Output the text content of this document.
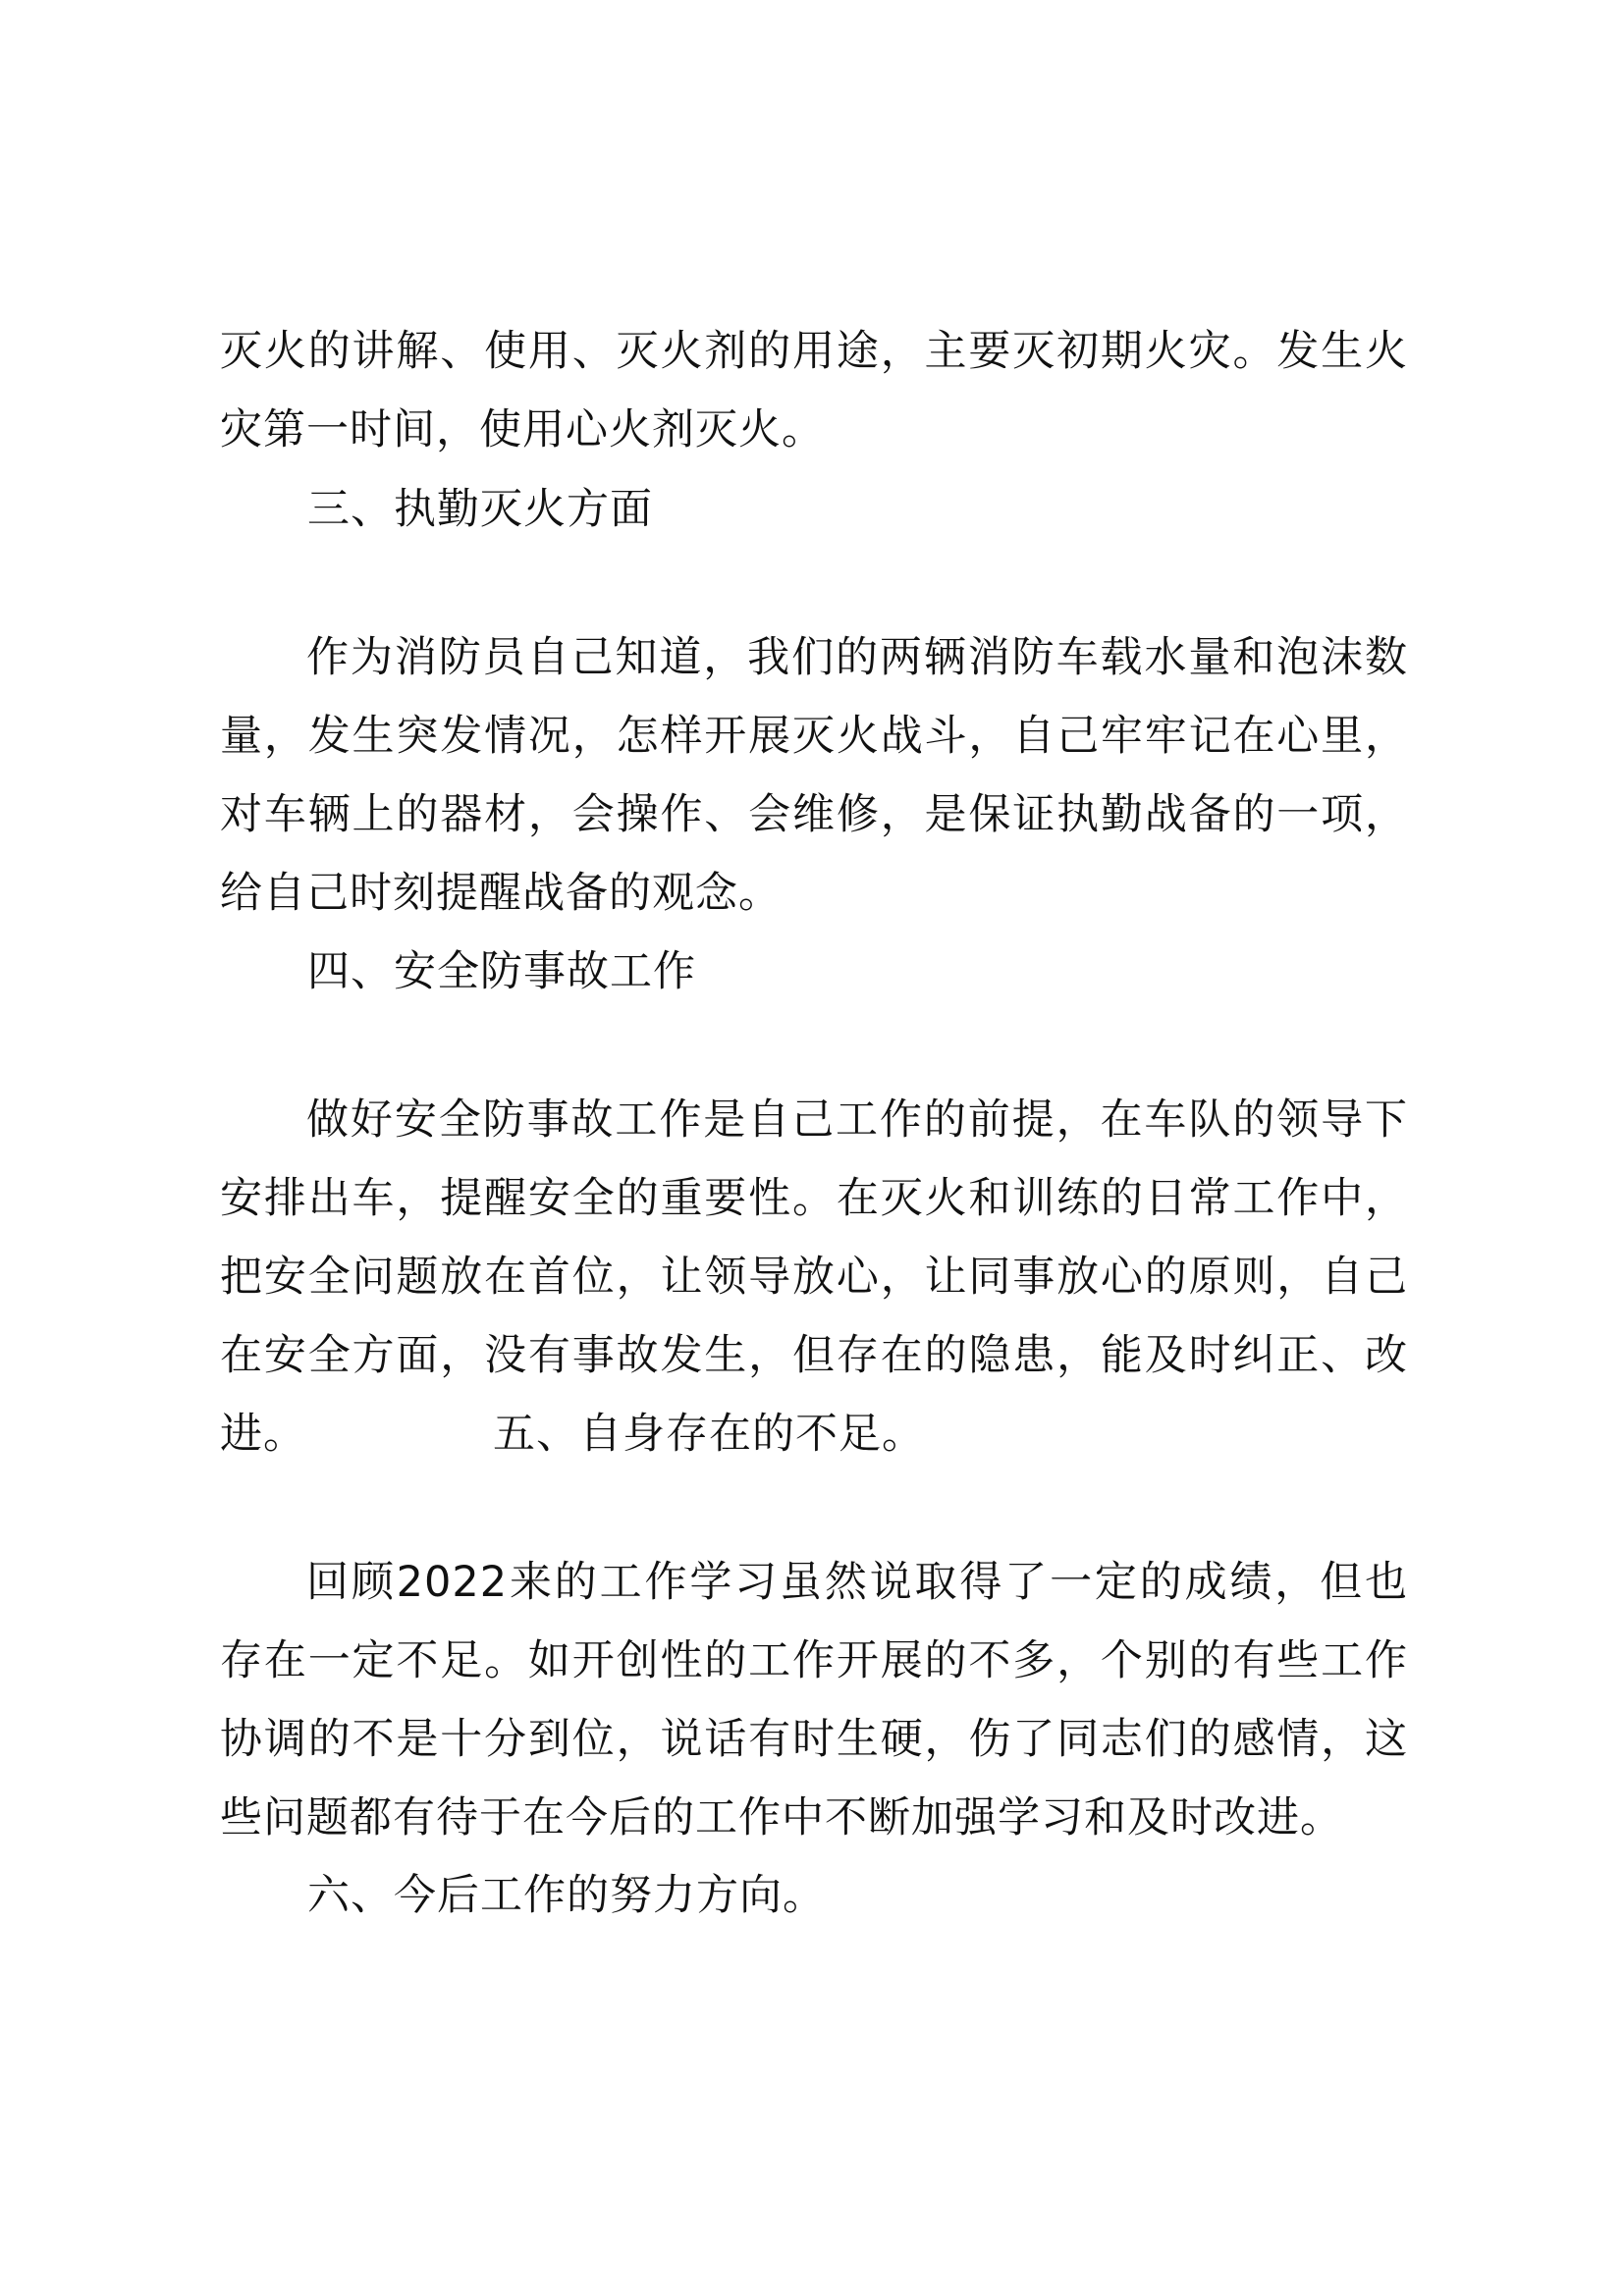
灭火的讲解、使用、灭火剂的用途，主要灭初期火灾。发生火灾第一时间，使用心火剂灭火。

三、执勤灭火方面

作为消防员自己知道，我们的两辆消防车载水量和泡沫数量，发生突发情况，怎样开展灭火战斗，自己牢牢记在心里，对车辆上的器材，会操作、会维修，是保证执勤战备的一项，给自己时刻提醒战备的观念。

四、安全防事故工作

做好安全防事故工作是自己工作的前提，在车队的领导下安排出车，提醒安全的重要性。在灭火和训练的日常工作中，把安全问题放在首位，让领导放心，让同事放心的原则，自己在安全方面，没有事故发生，但存在的隐患，能及时纠正、改进。	五、自身存在的不足。

回顾2022来的工作学习虽然说取得了一定的成绩，但也存在一定不足。如开创性的工作开展的不多，个别的有些工作协调的不是十分到位，说话有时生硬，伤了同志们的感情，这些问题都有待于在今后的工作中不断加强学习和及时改进。

六、今后工作的努力方向。
